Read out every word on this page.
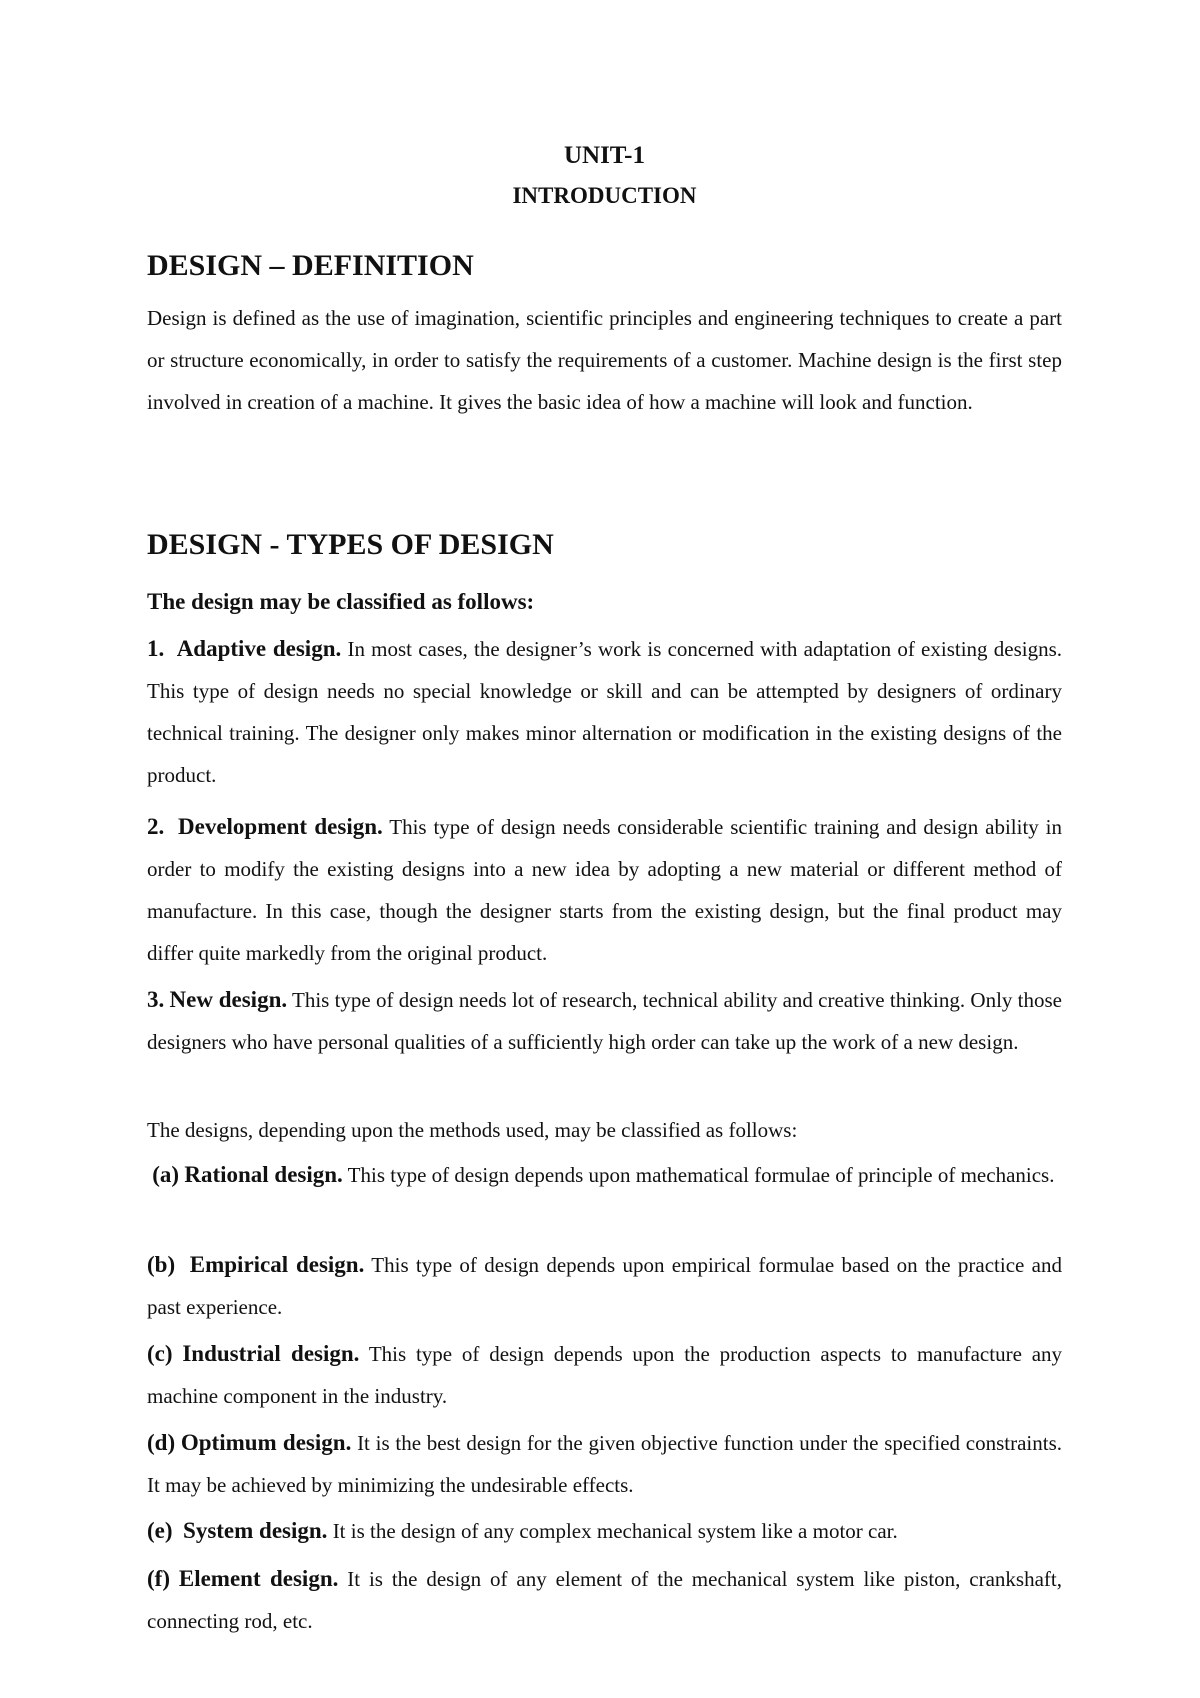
UNIT-1
INTRODUCTION
DESIGN – DEFINITION
Design is defined as the use of imagination, scientific principles and engineering techniques to create a part or structure economically, in order to satisfy the requirements of a customer. Machine design is the first step involved in creation of a machine. It gives the basic idea of how a machine will look and function.
DESIGN - TYPES OF DESIGN
The design may be classified as follows:
1. Adaptive design. In most cases, the designer’s work is concerned with adaptation of existing designs. This type of design needs no special knowledge or skill and can be attempted by designers of ordinary technical training. The designer only makes minor alternation or modification in the existing designs of the product.
2. Development design. This type of design needs considerable scientific training and design ability in order to modify the existing designs into a new idea by adopting a new material or different method of manufacture. In this case, though the designer starts from the existing design, but the final product may differ quite markedly from the original product.
3. New design. This type of design needs lot of research, technical ability and creative thinking. Only those designers who have personal qualities of a sufficiently high order can take up the work of a new design.
The designs, depending upon the methods used, may be classified as follows:
(a) Rational design. This type of design depends upon mathematical formulae of principle of mechanics.
(b) Empirical design. This type of design depends upon empirical formulae based on the practice and past experience.
(c) Industrial design. This type of design depends upon the production aspects to manufacture any machine component in the industry.
(d) Optimum design. It is the best design for the given objective function under the specified constraints. It may be achieved by minimizing the undesirable effects.
(e) System design. It is the design of any complex mechanical system like a motor car.
(f) Element design. It is the design of any element of the mechanical system like piston, crankshaft, connecting rod, etc.
